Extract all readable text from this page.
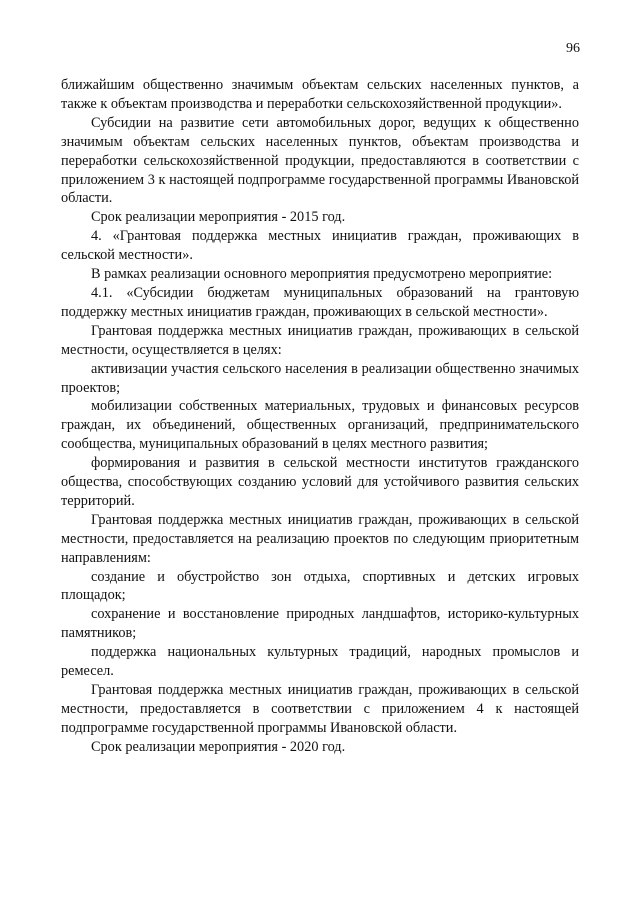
96

ближайшим общественно значимым объектам сельских населенных пунктов, а также к объектам производства и переработки сельскохозяйственной продукции».

Субсидии на развитие сети автомобильных дорог, ведущих к общественно значимым объектам сельских населенных пунктов, объектам производства и переработки сельскохозяйственной продукции, предоставляются в соответствии с приложением 3 к настоящей подпрограмме государственной программы Ивановской области.

Срок реализации мероприятия - 2015 год.

4. «Грантовая поддержка местных инициатив граждан, проживающих в сельской местности».

В рамках реализации основного мероприятия предусмотрено мероприятие:

4.1. «Субсидии бюджетам муниципальных образований на грантовую поддержку местных инициатив граждан, проживающих в сельской местности».

Грантовая поддержка местных инициатив граждан, проживающих в сельской местности, осуществляется в целях:

активизации участия сельского населения в реализации общественно значимых проектов;

мобилизации собственных материальных, трудовых и финансовых ресурсов граждан, их объединений, общественных организаций, предпринимательского сообщества, муниципальных образований в целях местного развития;

формирования и развития в сельской местности институтов гражданского общества, способствующих созданию условий для устойчивого развития сельских территорий.

Грантовая поддержка местных инициатив граждан, проживающих в сельской местности, предоставляется на реализацию проектов по следующим приоритетным направлениям:

создание и обустройство зон отдыха, спортивных и детских игровых площадок;

сохранение и восстановление природных ландшафтов, историко-культурных памятников;

поддержка национальных культурных традиций, народных промыслов и ремесел.

Грантовая поддержка местных инициатив граждан, проживающих в сельской местности, предоставляется в соответствии с приложением 4 к настоящей подпрограмме государственной программы Ивановской области.

Срок реализации мероприятия - 2020 год.
